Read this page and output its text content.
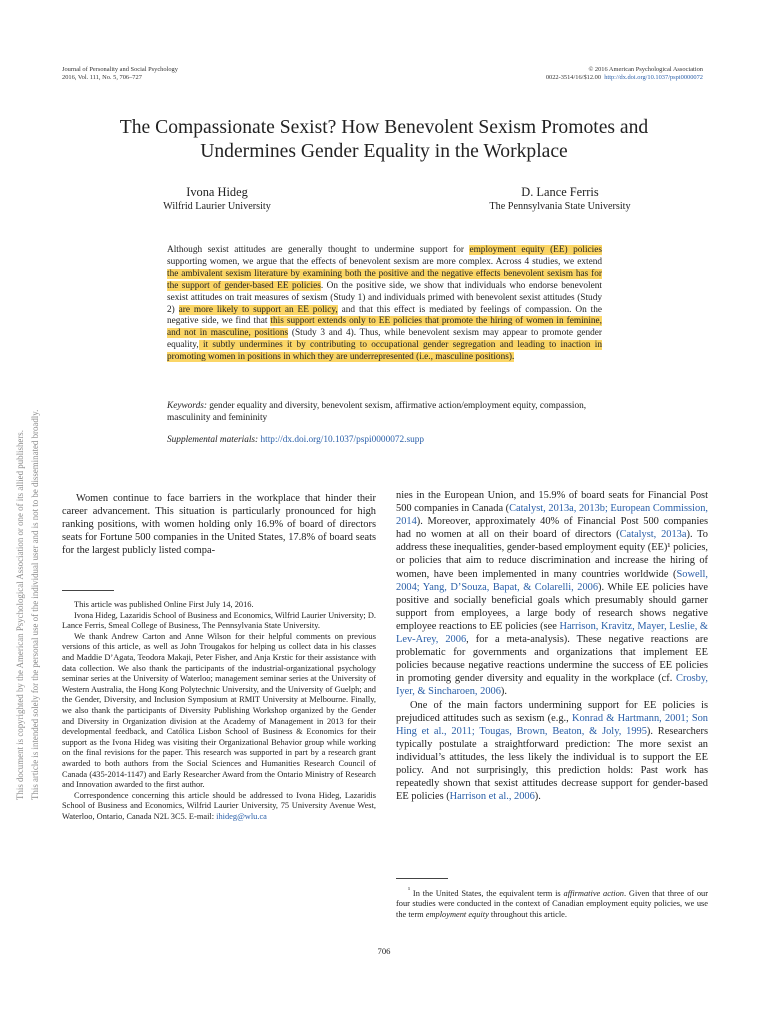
Journal of Personality and Social Psychology
2016, Vol. 111, No. 5, 706–727
© 2016 American Psychological Association
0022-3514/16/$12.00 http://dx.doi.org/10.1037/pspi0000072
The Compassionate Sexist? How Benevolent Sexism Promotes and
Undermines Gender Equality in the Workplace
Ivona Hideg
Wilfrid Laurier University
D. Lance Ferris
The Pennsylvania State University
Although sexist attitudes are generally thought to undermine support for employment equity (EE) policies supporting women, we argue that the effects of benevolent sexism are more complex. Across 4 studies, we extend the ambivalent sexism literature by examining both the positive and the negative effects benevolent sexism has for the support of gender-based EE policies. On the positive side, we show that individuals who endorse benevolent sexist attitudes on trait measures of sexism (Study 1) and individuals primed with benevolent sexist attitudes (Study 2) are more likely to support an EE policy, and that this effect is mediated by feelings of compassion. On the negative side, we find that this support extends only to EE policies that promote the hiring of women in feminine, and not in masculine, positions (Study 3 and 4). Thus, while benevolent sexism may appear to promote gender equality, it subtly undermines it by contributing to occupational gender segregation and leading to inaction in promoting women in positions in which they are underrepresented (i.e., masculine positions).
Keywords: gender equality and diversity, benevolent sexism, affirmative action/employment equity, compassion, masculinity and femininity
Supplemental materials: http://dx.doi.org/10.1037/pspi0000072.supp

Women continue to face barriers in the workplace that hinder their career advancement. This situation is particularly pronounced for high ranking positions, with women holding only 16.9% of board of directors seats for Fortune 500 companies in the United States, 17.8% of board seats for the largest publicly listed compa-

This article was published Online First July 14, 2016.

Ivona Hideg, Lazaridis School of Business and Economics, Wilfrid Laurier University; D. Lance Ferris, Smeal College of Business, The Pennsylvania State University.

We thank Andrew Carton and Anne Wilson for their helpful comments on previous versions of this article, as well as John Trougakos for helping us collect data in his classes and Maddie D’Agata, Teodora Makaji, Peter Fisher, and Anja Krstic for their assistance with data collection. We also thank the participants of the industrial-organizational psychology seminar series at the University of Waterloo; management seminar series at the University of Western Australia, the Hong Kong Polytechnic University, and the University of Guelph; and the Gender, Diversity, and Inclusion Symposium at RMIT University at Melbourne. Finally, we also thank the participants of Diversity Publishing Workshop organized by the Gender and Diversity in Organization division at the Academy of Management in 2013 for their developmental feedback, and Católica Lisbon School of Business & Economics for their support as the Ivona Hideg was visiting their Organizational Behavior group while working on the final revisions for the paper. This research was supported in part by a research grant awarded to both authors from the Social Sciences and Humanities Research Council of Canada (435-2014-1147) and Early Researcher Award from the Ontario Ministry of Research and Innovation awarded to the first author.

Correspondence concerning this article should be addressed to Ivona Hideg, Lazaridis School of Business and Economics, Wilfrid Laurier University, 75 University Avenue West, Waterloo, Ontario, Canada N2L 3C5. E-mail: ihideg@wlu.ca

nies in the European Union, and 15.9% of board seats for Financial Post 500 companies in Canada (Catalyst, 2013a, 2013b; European Commission, 2014). Moreover, approximately 40% of Financial Post 500 companies had no women at all on their board of directors (Catalyst, 2013a). To address these inequalities, gender-based employment equity (EE)¹ policies, or policies that aim to reduce discrimination and increase the hiring of women, have been implemented in many countries worldwide (Sowell, 2004; Yang, D’Souza, Bapat, & Colarelli, 2006). While EE policies have positive and socially beneficial goals which presumably should garner support from employees, a large body of research shows negative employee reactions to EE policies (see Harrison, Kravitz, Mayer, Leslie, & Lev-Arey, 2006, for a meta-analysis). These negative reactions are problematic for governments and organizations that implement EE policies because negative reactions undermine the success of EE policies in promoting gender diversity and equality in the workplace (cf. Crosby, Iyer, & Sincharoen, 2006).

One of the main factors undermining support for EE policies is prejudiced attitudes such as sexism (e.g., Konrad & Hartmann, 2001; Son Hing et al., 2011; Tougas, Brown, Beaton, & Joly, 1995). Researchers typically postulate a straightforward prediction: The more sexist an individual’s attitudes, the less likely the individual is to support the EE policy. And not surprisingly, this prediction holds: Past work has repeatedly shown that sexist attitudes decrease support for gender-based EE policies (Harrison et al., 2006).

$^{^1}$ In the United States, the equivalent term is affirmative action. Given that three of our four studies were conducted in the context of Canadian employment equity policies, we use the term employment equity throughout this article.

706
This document is copyrighted by the American Psychological Association or one of its allied publishers. This article is intended solely for the personal use of the individual user and is not to be disseminated broadly.
